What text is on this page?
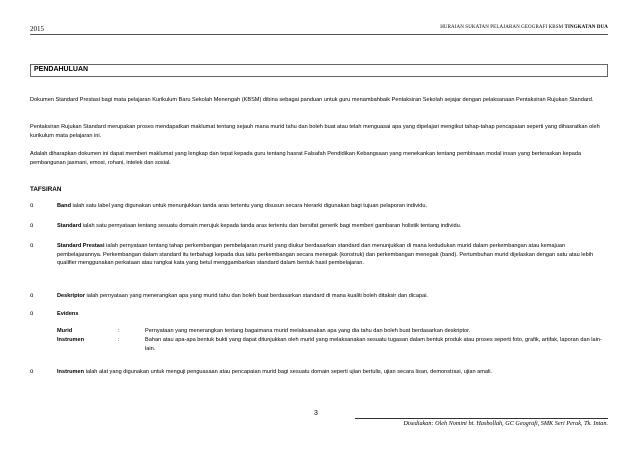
2015	HURAIAN SUKATAN PELAJARAN GEOGRAFI KBSM TINGKATAN DUA
PENDAHULUAN
Dokumen Standard Prestasi bagi mata pelajaran Kurikulum Baru Sekolah Menengah (KBSM) dibina sebagai panduan untuk guru menambahbaik Pentaksiran Sekolah sejajar dengan pelaksanaan Pentaksiran Rujukan Standard.
Pentaksiran Rujukan Standard merupakan proses mendapatkan maklumat tentang sejauh mana murid tahu dan boleh buat atau telah menguasai apa yang dipelajari mengikut tahap-tahap pencapaian seperti yang dihasratkan oleh kurikulum mata pelajaran ini.
Adalah diharapkan dokumen ini dapat memberi maklumat yang lengkap dan tepat kepada guru tentang hasrat Falsafah Pendidikan Kebangsaan yang menekankan tentang pembinaan modal insan yang berteraskan kepada pembangunan jasmani, emosi, rohani, intelek dan sosial.
TAFSIRAN
o	Band ialah satu label yang digunakan untuk menunjukkan tanda aras tertentu yang disusun secara hierarki digunakan bagi tujuan pelaporan individu.
o	Standard ialah satu pernyataan tentang sesuatu domain merujuk kepada tanda aras tertentu dan bersifat generik bagi memberi gambaran holistik tentang individu.
o	Standard Prestasi ialah pernyataan tentang tahap perkembangan pembelajaran murid yang diukur berdasarkan standard dan menunjukkan di mana kedudukan murid dalam perkembangan atau kemajuan pembelajarannya. Perkembangan dalam standard itu terbahagi kepada dua iaitu perkembangan secara menegak (konstruk) dan perkembangan menegak (band). Pertumbuhan murid dijelaskan dengan satu atau lebih qualifier menggunakan perkataan atau rangkai kata yang betul menggambarkan standard dalam bentuk hasil pembelajaran.
o	Deskriptor ialah pernyataan yang menerangkan apa yang murid tahu dan boleh buat berdasarkan standard di mana kualiti boleh ditaksir dan dicapai.
o	Evidens
Murid	:	Pernyataan yang menerangkan tentang bagaimana murid melaksanakan apa yang dia tahu dan boleh buat berdasarkan deskriptor.
Instrumen	:	Bahan atau apa-apa bentuk bukti yang dapat ditunjukkan oleh murid yang melaksanakan sesuatu tugasan dalam bentuk produk atau proses seperti foto, grafik, artifak, laporan dan lain-lain.
o	Instrumen ialah alat yang digunakan untuk menguji penguasaan atau pencapaian murid bagi sesuatu domain seperti ujian bertulis, ujian secara lisan, demonstrasi, ujian amali.
3
Disediakan: Oleh Nomini bt. Hasbollah, GC Geografi, SMK Seri Perak, Tk. Intan.
